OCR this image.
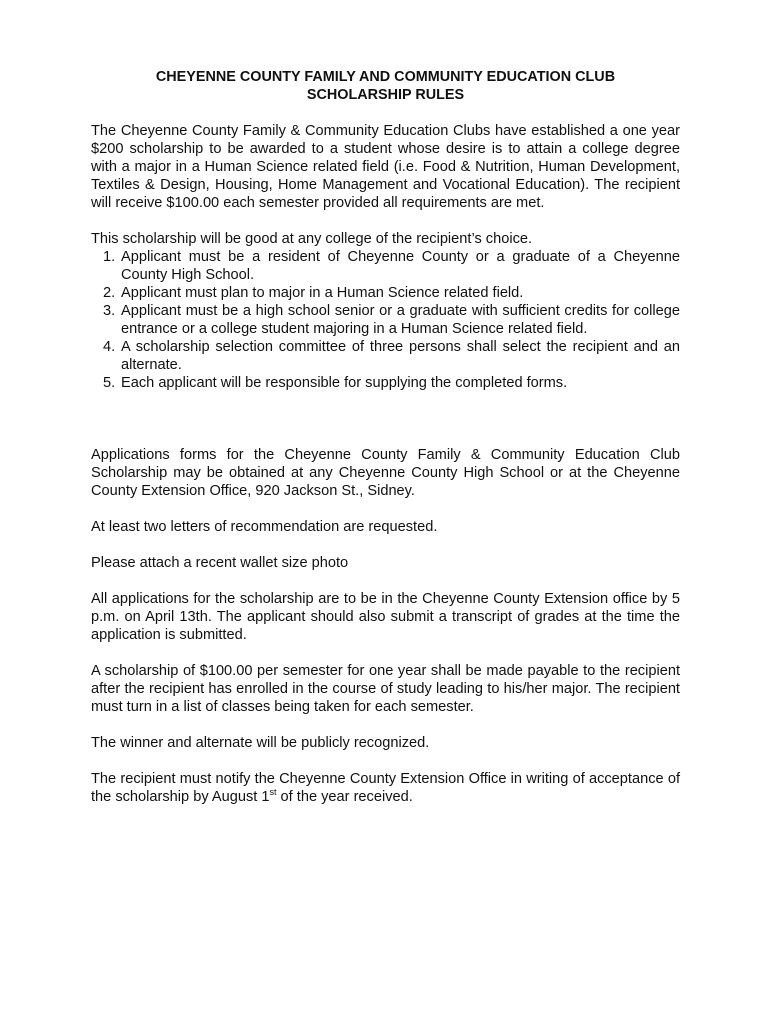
CHEYENNE COUNTY FAMILY AND COMMUNITY EDUCATION CLUB
SCHOLARSHIP RULES

The Cheyenne County Family & Community Education Clubs have established a one year $200 scholarship to be awarded to a student whose desire is to attain a college degree with a major in a Human Science related field (i.e. Food & Nutrition, Human Development, Textiles & Design, Housing, Home Management and Vocational Education). The recipient will receive $100.00 each semester provided all requirements are met.

This scholarship will be good at any college of the recipient’s choice.

1. Applicant must be a resident of Cheyenne County or a graduate of a Cheyenne County High School.
2. Applicant must plan to major in a Human Science related field.
3. Applicant must be a high school senior or a graduate with sufficient credits for college entrance or a college student majoring in a Human Science related field.
4. A scholarship selection committee of three persons shall select the recipient and an alternate.
5. Each applicant will be responsible for supplying the completed forms.

Applications forms for the Cheyenne County Family & Community Education Club Scholarship may be obtained at any Cheyenne County High School or at the Cheyenne County Extension Office, 920 Jackson St., Sidney.

At least two letters of recommendation are requested.

Please attach a recent wallet size photo

All applications for the scholarship are to be in the Cheyenne County Extension office by 5 p.m. on April 13th. The applicant should also submit a transcript of grades at the time the application is submitted.

A scholarship of $100.00 per semester for one year shall be made payable to the recipient after the recipient has enrolled in the course of study leading to his/her major. The recipient must turn in a list of classes being taken for each semester.

The winner and alternate will be publicly recognized.

The recipient must notify the Cheyenne County Extension Office in writing of acceptance of the scholarship by August 1st of the year received.
